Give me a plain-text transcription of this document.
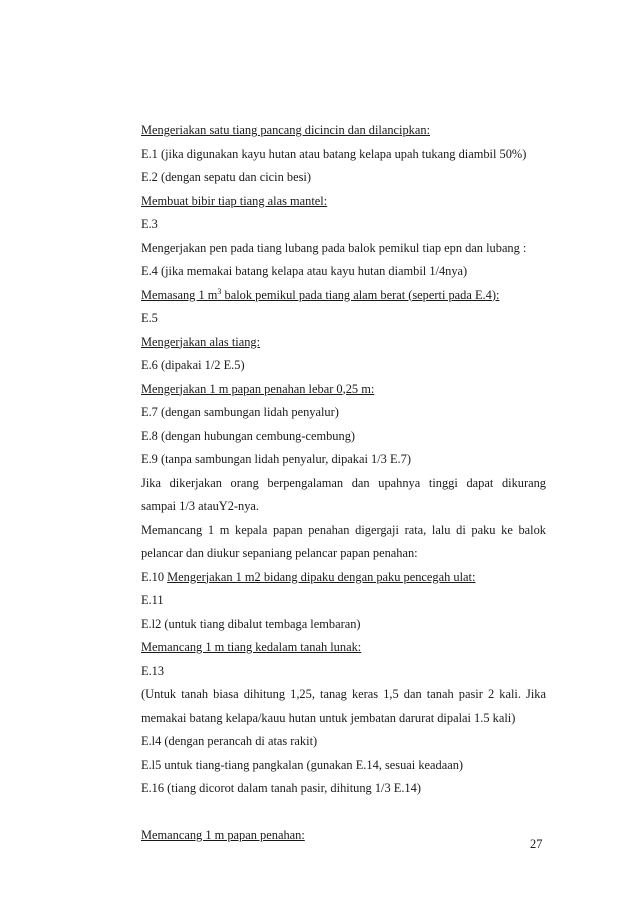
Mengeriakan satu tiang pancang dicincin dan dilancipkan:
E.1 (jika digunakan kayu hutan atau batang kelapa upah tukang diambil 50%)
E.2 (dengan sepatu dan cicin besi)
Membuat bibir tiap tiang alas mantel:
E.3
Mengerjakan pen pada tiang lubang pada balok pemikul tiap epn dan lubang :
E.4 (jika memakai batang kelapa atau kayu hutan diambil 1/4nya)
Memasang 1 $m^3$ balok pemikul pada tiang alam berat (seperti pada E.4):
E.5
Mengerjakan alas tiang:
E.6 (dipakai 1/2 E.5)
Mengerjakan 1 m papan penahan lebar 0,25 m:
E.7 (dengan sambungan lidah penyalur)
E.8 (dengan hubungan cembung-cembung)
E.9 (tanpa sambungan lidah penyalur, dipakai 1/3 E.7)
Jika dikerjakan orang berpengalaman dan upahnya tinggi dapat dikurang
sampai 1/3 atauY2-nya.
Memancang 1 m kepala papan penahan digergaji rata, lalu di paku ke balok
pelancar dan diukur sepaniang pelancar papan penahan:
E.10 Mengerjakan 1 m2 bidang dipaku dengan paku pencegah ulat:
E.11
E.l2 (untuk tiang dibalut tembaga lembaran)
Memancang 1 m tiang kedalam tanah lunak:
E.13
(Untuk tanah biasa dihitung 1,25, tanag keras 1,5 dan tanah pasir 2 kali. Jika
memakai batang kelapa/kauu hutan untuk jembatan darurat dipalai 1.5 kali)
E.l4 (dengan perancah di atas rakit)
E.l5 untuk tiang-tiang pangkalan (gunakan E.14, sesuai keadaan)
E.16 (tiang dicorot dalam tanah pasir, dihitung 1/3 E.14)
Memancang 1 m papan penahan:
27
